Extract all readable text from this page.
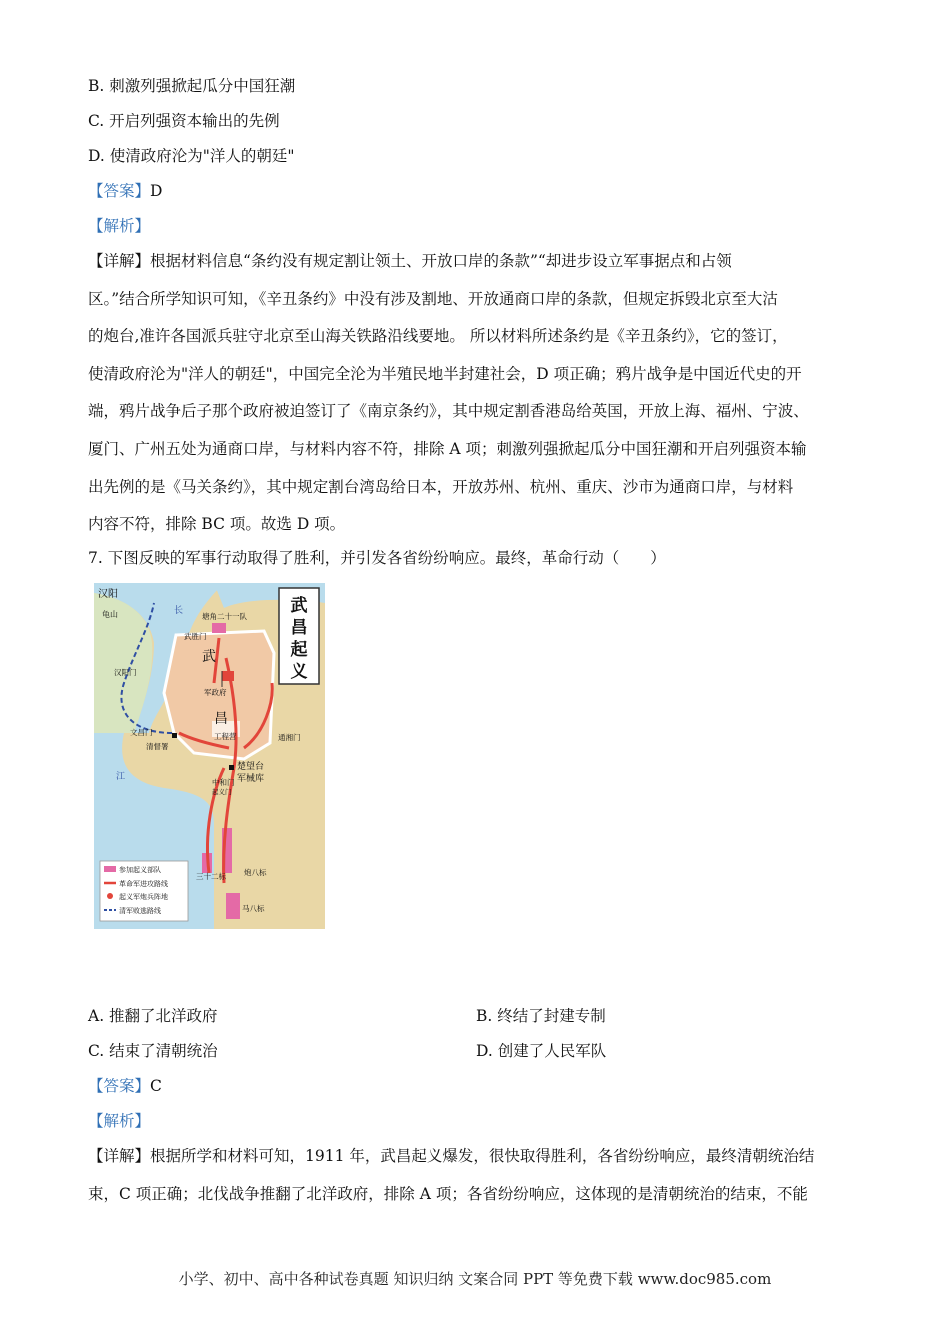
B. 刺激列强掀起瓜分中国狂潮
C. 开启列强资本输出的先例
D. 使清政府沦为"洋人的朝廷"
【答案】D
【解析】
【详解】根据材料信息“条约没有规定割让领土、开放口岸的条款”“却进步设立军事据点和占领
区。”结合所学知识可知，《辛丑条约》中没有涉及割地、开放通商口岸的条款，但规定拆毁北京至大沽
的炮台,准许各国派兵驻守北京至山海关铁路沿线要地。 所以材料所述条约是《辛丑条约》，它的签订，
使清政府沦为"洋人的朝廷"，中国完全沦为半殖民地半封建社会，D 项正确；鸦片战争是中国近代史的开
端，鸦片战争后子那个政府被迫签订了《南京条约》，其中规定割香港岛给英国，开放上海、福州、宁波、
厦门、广州五处为通商口岸，与材料内容不符，排除 A 项；刺激列强掀起瓜分中国狂潮和开启列强资本输
出先例的是《马关条约》，其中规定割台湾岛给日本，开放苏州、杭州、重庆、沙市为通商口岸，与材料
内容不符，排除 BC 项。故选 D 项。
7. 下图反映的军事行动取得了胜利，并引发各省纷纷响应。最终，革命行动（　　）
武
昌
起
义
汉阳
龟山	长
江
塘角二十一队
武胜门
武
汉阳门
军政府
昌
文昌门
清督署
工程营	通湘门
楚望台
军械库
中和门
起义门
三十二标 炮八标
马八标
参加起义部队
革命军进攻路线
起义军炮兵阵地
清军败逃路线
A. 推翻了北洋政府	B. 终结了封建专制
C. 结束了清朝统治	D. 创建了人民军队
【答案】C
【解析】
【详解】根据所学和材料可知，1911 年，武昌起义爆发，很快取得胜利，各省纷纷响应，最终清朝统治结
束，C 项正确；北伐战争推翻了北洋政府，排除 A 项；各省纷纷响应，这体现的是清朝统治的结束，不能
小学、初中、高中各种试卷真题 知识归纳 文案合同 PPT 等免费下载 www.doc985.com
